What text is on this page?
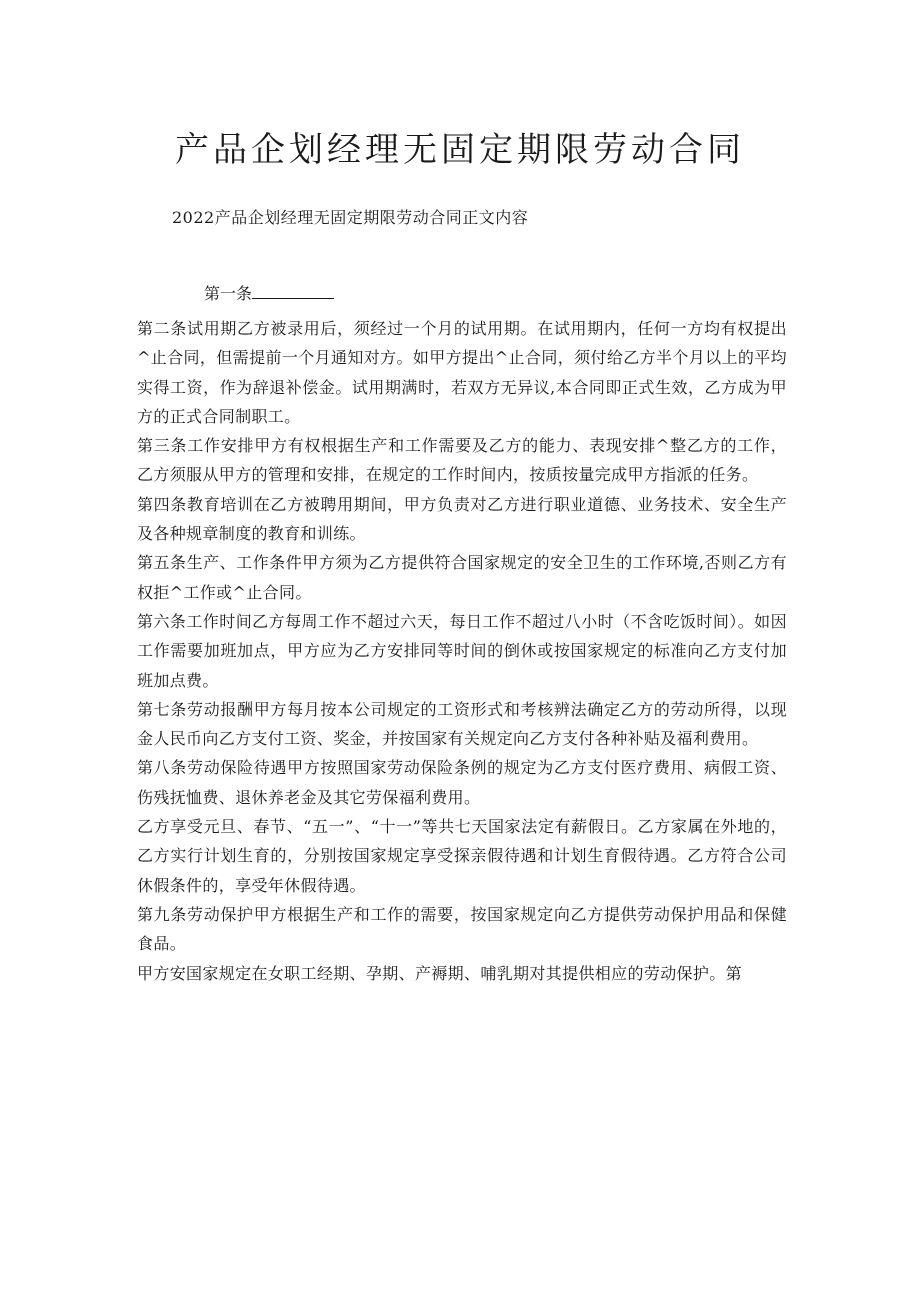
产品企划经理无固定期限劳动合同

2022产品企划经理无固定期限劳动合同正文内容

第一条

第二条试用期乙方被录用后，须经过一个月的试用期。在试用期内，任何一方均有权提出^止合同，但需提前一个月通知对方。如甲方提出^止合同，须付给乙方半个月以上的平均实得工资，作为辞退补偿金。试用期满时，若双方无异议,本合同即正式生效，乙方成为甲方的正式合同制职工。

第三条工作安排甲方有权根据生产和工作需要及乙方的能力、表现安排^整乙方的工作，乙方须服从甲方的管理和安排，在规定的工作时间内，按质按量完成甲方指派的任务。

第四条教育培训在乙方被聘用期间，甲方负责对乙方进行职业道德、业务技术、安全生产及各种规章制度的教育和训练。

第五条生产、工作条件甲方须为乙方提供符合国家规定的安全卫生的工作环境,否则乙方有权拒^工作或^止合同。

第六条工作时间乙方每周工作不超过六天，每日工作不超过八小时（不含吃饭时间）。如因工作需要加班加点，甲方应为乙方安排同等时间的倒休或按国家规定的标准向乙方支付加班加点费。

第七条劳动报酬甲方每月按本公司规定的工资形式和考核辨法确定乙方的劳动所得，以现金人民币向乙方支付工资、奖金，并按国家有关规定向乙方支付各种补贴及福利费用。

第八条劳动保险待遇甲方按照国家劳动保险条例的规定为乙方支付医疗费用、病假工资、伤残抚恤费、退休养老金及其它劳保福利费用。

乙方享受元旦、春节、“五一”、“十一”等共七天国家法定有薪假日。乙方家属在外地的，乙方实行计划生育的，分别按国家规定享受探亲假待遇和计划生育假待遇。乙方符合公司休假条件的，享受年休假待遇。

第九条劳动保护甲方根据生产和工作的需要，按国家规定向乙方提供劳动保护用品和保健食品。

甲方安国家规定在女职工经期、孕期、产褥期、哺乳期对其提供相应的劳动保护。第
